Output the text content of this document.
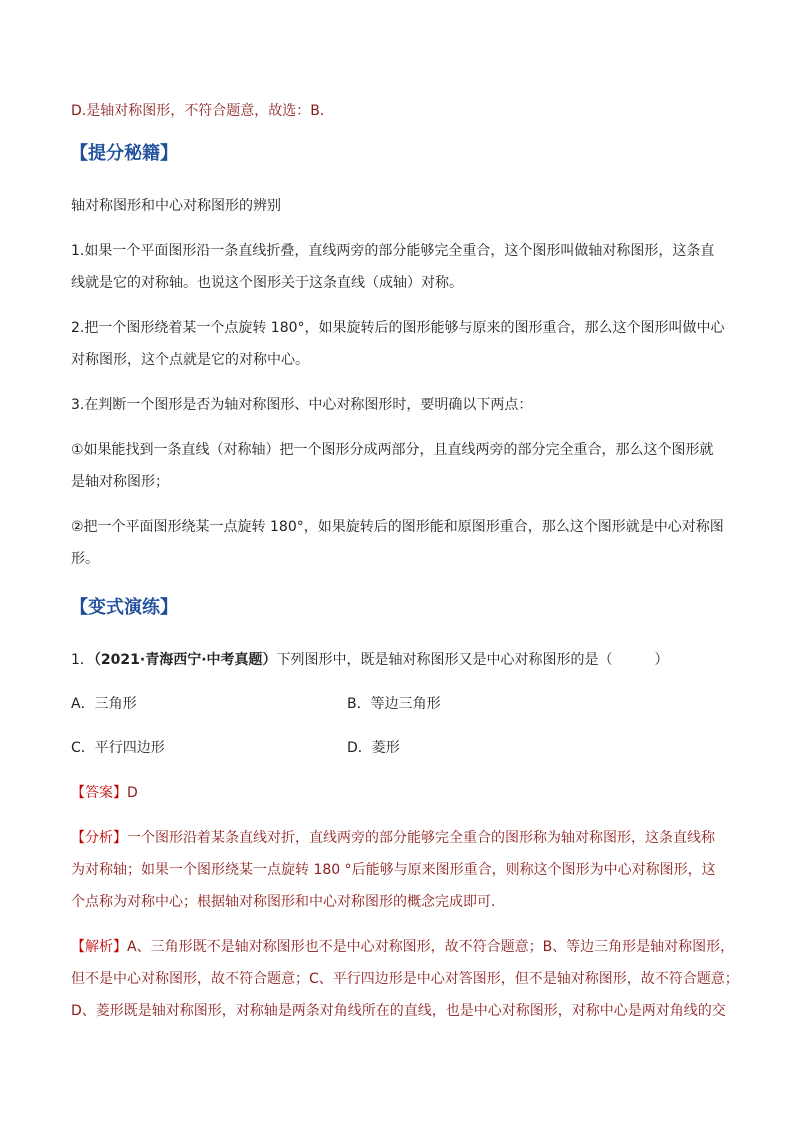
D.是轴对称图形，不符合题意，故选：B．
【提分秘籍】
轴对称图形和中心对称图形的辨别
1.如果一个平面图形沿一条直线折叠，直线两旁的部分能够完全重合，这个图形叫做轴对称图形，这条直
线就是它的对称轴。也说这个图形关于这条直线（成轴）对称。
2.把一个图形绕着某一个点旋转 180°，如果旋转后的图形能够与原来的图形重合，那么这个图形叫做中心
对称图形，这个点就是它的对称中心。
3.在判断一个图形是否为轴对称图形、中心对称图形时，要明确以下两点：
①如果能找到一条直线（对称轴）把一个图形分成两部分，且直线两旁的部分完全重合，那么这个图形就
是轴对称图形；
②把一个平面图形绕某一点旋转 180°，如果旋转后的图形能和原图形重合，那么这个图形就是中心对称图
形。
【变式演练】
1．（2021·青海西宁·中考真题）下列图形中，既是轴对称图形又是中心对称图形的是（　　　）
A．三角形	B．等边三角形
C．平行四边形	D．菱形
【答案】D
【分析】一个图形沿着某条直线对折，直线两旁的部分能够完全重合的图形称为轴对称图形，这条直线称
为对称轴；如果一个图形绕某一点旋转 180 °后能够与原来图形重合，则称这个图形为中心对称图形，这
个点称为对称中心；根据轴对称图形和中心对称图形的概念完成即可．
【解析】A、三角形既不是轴对称图形也不是中心对称图形，故不符合题意；B、等边三角形是轴对称图形，
但不是中心对称图形，故不符合题意；C、平行四边形是中心对答图形，但不是轴对称图形，故不符合题意；
D、菱形既是轴对称图形，对称轴是两条对角线所在的直线，也是中心对称图形，对称中心是两对角线的交
